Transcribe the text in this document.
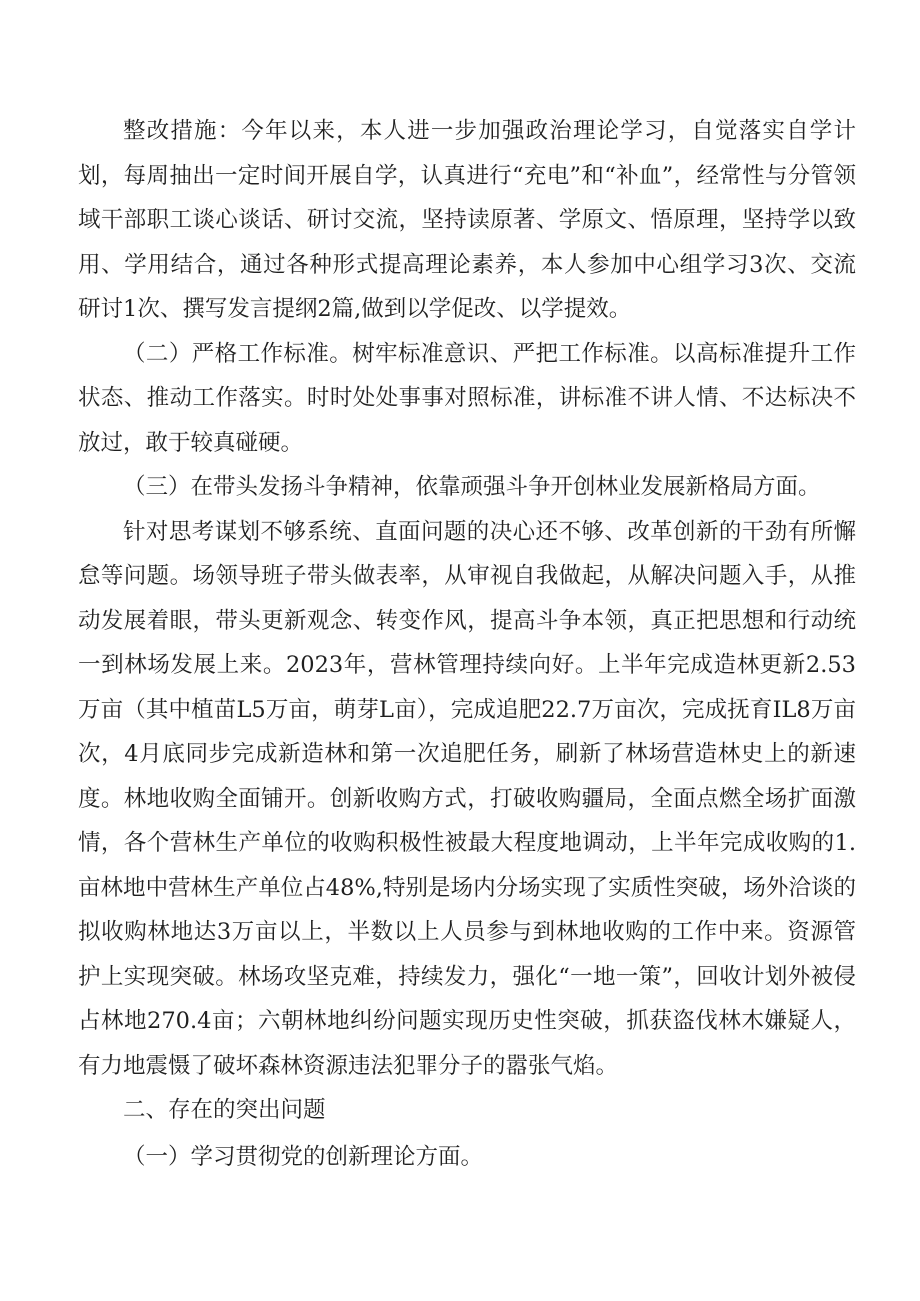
整改措施：今年以来，本人进一步加强政治理论学习，自觉落实自学计划，每周抽出一定时间开展自学，认真进行“充电”和“补血”，经常性与分管领域干部职工谈心谈话、研讨交流，坚持读原著、学原文、悟原理，坚持学以致用、学用结合，通过各种形式提高理论素养，本人参加中心组学习3次、交流研讨1次、撰写发言提纲2篇,做到以学促改、以学提效。

（二）严格工作标准。树牢标准意识、严把工作标准。以高标准提升工作状态、推动工作落实。时时处处事事对照标准，讲标准不讲人情、不达标决不放过，敢于较真碰硬。

（三）在带头发扬斗争精神，依靠顽强斗争开创林业发展新格局方面。

针对思考谋划不够系统、直面问题的决心还不够、改革创新的干劲有所懈怠等问题。场领导班子带头做表率，从审视自我做起，从解决问题入手，从推动发展着眼，带头更新观念、转变作风，提高斗争本领，真正把思想和行动统一到林场发展上来。2023年，营林管理持续向好。上半年完成造林更新2.53万亩（其中植苗L5万亩，萌芽L亩），完成追肥22.7万亩次，完成抚育IL8万亩次，4月底同步完成新造林和第一次追肥任务，刷新了林场营造林史上的新速度。林地收购全面铺开。创新收购方式，打破收购疆局，全面点燃全场扩面激情，各个营林生产单位的收购积极性被最大程度地调动，上半年完成收购的1.亩林地中营林生产单位占48%,特别是场内分场实现了实质性突破，场外洽谈的拟收购林地达3万亩以上，半数以上人员参与到林地收购的工作中来。资源管护上实现突破。林场攻坚克难，持续发力，强化“一地一策”，回收计划外被侵占林地270.4亩；六朝林地纠纷问题实现历史性突破，抓获盗伐林木嫌疑人，有力地震慑了破坏森林资源违法犯罪分子的嚣张气焰。

二、存在的突出问题

（一）学习贯彻党的创新理论方面。
